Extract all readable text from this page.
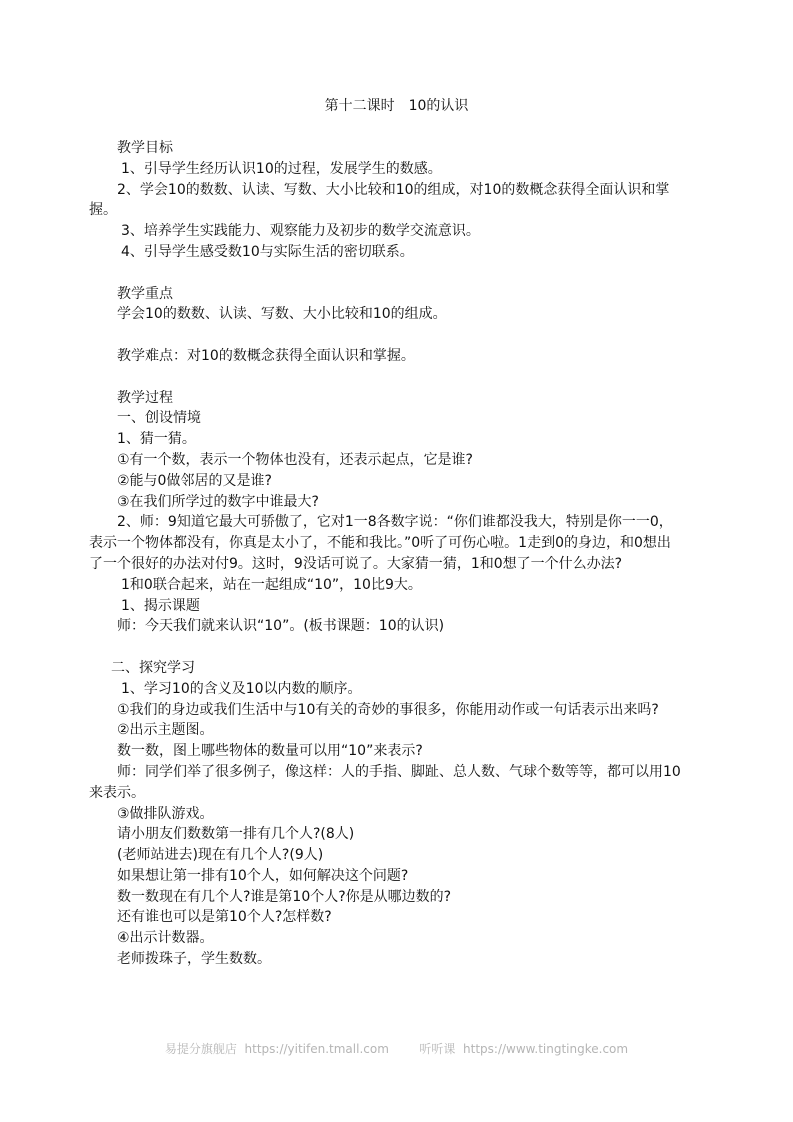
第十二课时　10的认识

教学目标

1、引导学生经历认识10的过程，发展学生的数感。

2、学会10的数数、认读、写数、大小比较和10的组成，对10的数概念获得全面认识和掌握。

3、培养学生实践能力、观察能力及初步的数学交流意识。

4、引导学生感受数10与实际生活的密切联系。

教学重点

学会10的数数、认读、写数、大小比较和10的组成。

教学难点：对10的数概念获得全面认识和掌握。

教学过程

一、创设情境

1、猜一猜。

①有一个数，表示一个物体也没有，还表示起点，它是谁?

②能与0做邻居的又是谁?

③在我们所学过的数字中谁最大?

2、师：9知道它最大可骄傲了，它对1一8各数字说：“你们谁都没我大，特别是你一一0，表示一个物体都没有，你真是太小了，不能和我比。”0听了可伤心啦。1走到0的身边，和0想出了一个很好的办法对付9。这时，9没话可说了。大家猜一猜，1和0想了一个什么办法?

1和0联合起来，站在一起组成“10”，10比9大。

1、揭示课题

师：今天我们就来认识“10”。(板书课题：10的认识)

二、探究学习

1、学习10的含义及10以内数的顺序。

①我们的身边或我们生活中与10有关的奇妙的事很多，你能用动作或一句话表示出来吗?

②出示主题图。

数一数，图上哪些物体的数量可以用“10”来表示?

师：同学们举了很多例子，像这样：人的手指、脚趾、总人数、气球个数等等，都可以用10来表示。

③做排队游戏。

请小朋友们数数第一排有几个人?(8人)

(老师站进去)现在有几个人?(9人)

如果想让第一排有10个人，如何解决这个问题?

数一数现在有几个人?谁是第10个人?你是从哪边数的?

还有谁也可以是第10个人?怎样数?

④出示计数器。

老师拨珠子，学生数数。

易提分旗舰店  https://yitifen.tmall.com        听听课  https://www.tingtingke.com
